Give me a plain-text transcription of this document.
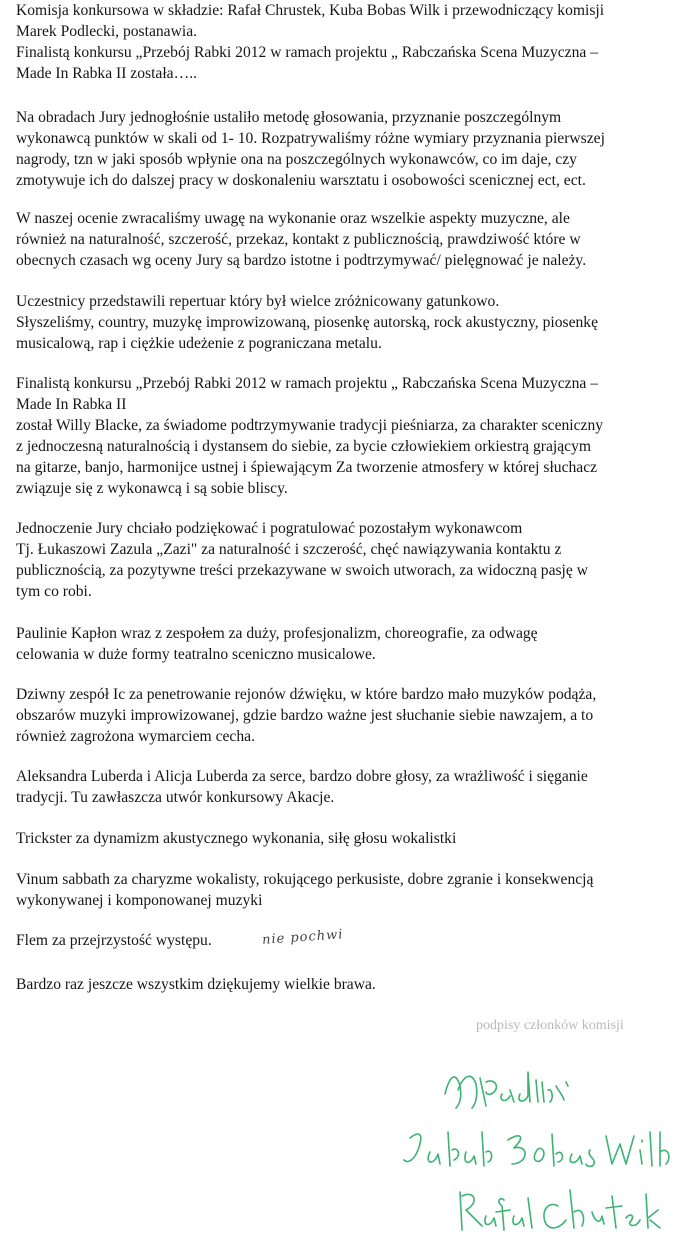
Komisja konkursowa w składzie: Rafał Chrustek, Kuba Bobas Wilk i przewodniczący komisji
Marek Podlecki, postanawia.
Finalistą konkursu „Przebój Rabki 2012 w ramach projektu „ Rabczańska Scena Muzyczna –
Made In Rabka II została…..

Na obradach Jury jednogłośnie ustaliło metodę głosowania, przyznanie poszczególnym
wykonawcą punktów w skali od 1- 10. Rozpatrywaliśmy różne wymiary przyznania pierwszej
nagrody, tzn w jaki sposób wpłynie ona na poszczególnych wykonawców, co im daje, czy
zmotywuje ich do dalszej pracy w doskonaleniu warsztatu i osobowości scenicznej ect, ect.

W naszej ocenie zwracaliśmy uwagę na wykonanie oraz wszelkie aspekty muzyczne, ale
również na naturalność, szczerość, przekaz, kontakt z publicznością, prawdziwość które w
obecnych czasach wg oceny Jury są bardzo istotne i podtrzymywać/ pielęgnować je należy.

Uczestnicy przedstawili repertuar który był wielce zróżnicowany gatunkowo.
Słyszeliśmy, country, muzykę improwizowaną, piosenkę autorską, rock akustyczny, piosenkę
musicalową, rap i ciężkie udeżenie z pograniczana metalu.

Finalistą konkursu „Przebój Rabki 2012 w ramach projektu „ Rabczańska Scena Muzyczna –
Made In Rabka II
został Willy Blacke, za świadome podtrzymywanie tradycji pieśniarza, za charakter sceniczny
z jednoczesną naturalnością i dystansem do siebie, za bycie człowiekiem orkiestrą grającym
na gitarze, banjo, harmonijce ustnej i śpiewającym Za tworzenie atmosfery w której słuchacz
związuje się z wykonawcą i są sobie bliscy.

Jednoczenie Jury chciało podziękować i pogratulować pozostałym wykonawcom
Tj. Łukaszowi Zazula „Zazi" za naturalność i szczerość, chęć nawiązywania kontaktu z
publicznością, za pozytywne treści przekazywane w swoich utworach, za widoczną pasję w
tym co robi.

Paulinie Kapłon wraz z zespołem za duży, profesjonalizm, choreografie, za odwagę
celowania w duże formy teatralno sceniczno musicalowe.

Dziwny zespół Ic za penetrowanie rejonów dźwięku, w które bardzo mało muzyków podąża,
obszarów muzyki improwizowanej, gdzie bardzo ważne jest słuchanie siebie nawzajem, a to
również zagrożona wymarciem cecha.

Aleksandra Luberda i Alicja Luberda za serce, bardzo dobre głosy, za wrażliwość i sięganie
tradycji. Tu zawłaszcza utwór konkursowy Akacje.

Trickster za dynamizm akustycznego wykonania, siłę głosu wokalistki

Vinum sabbath za charyzme wokalisty, rokującego perkusiste, dobre zgranie i konsekwencją
wykonywanej i komponowanej muzyki

Flem za przejrzystość występu.	nie pochwi

Bardzo raz jeszcze wszystkim dziękujemy wielkie brawa.

podpisy członków komisji
